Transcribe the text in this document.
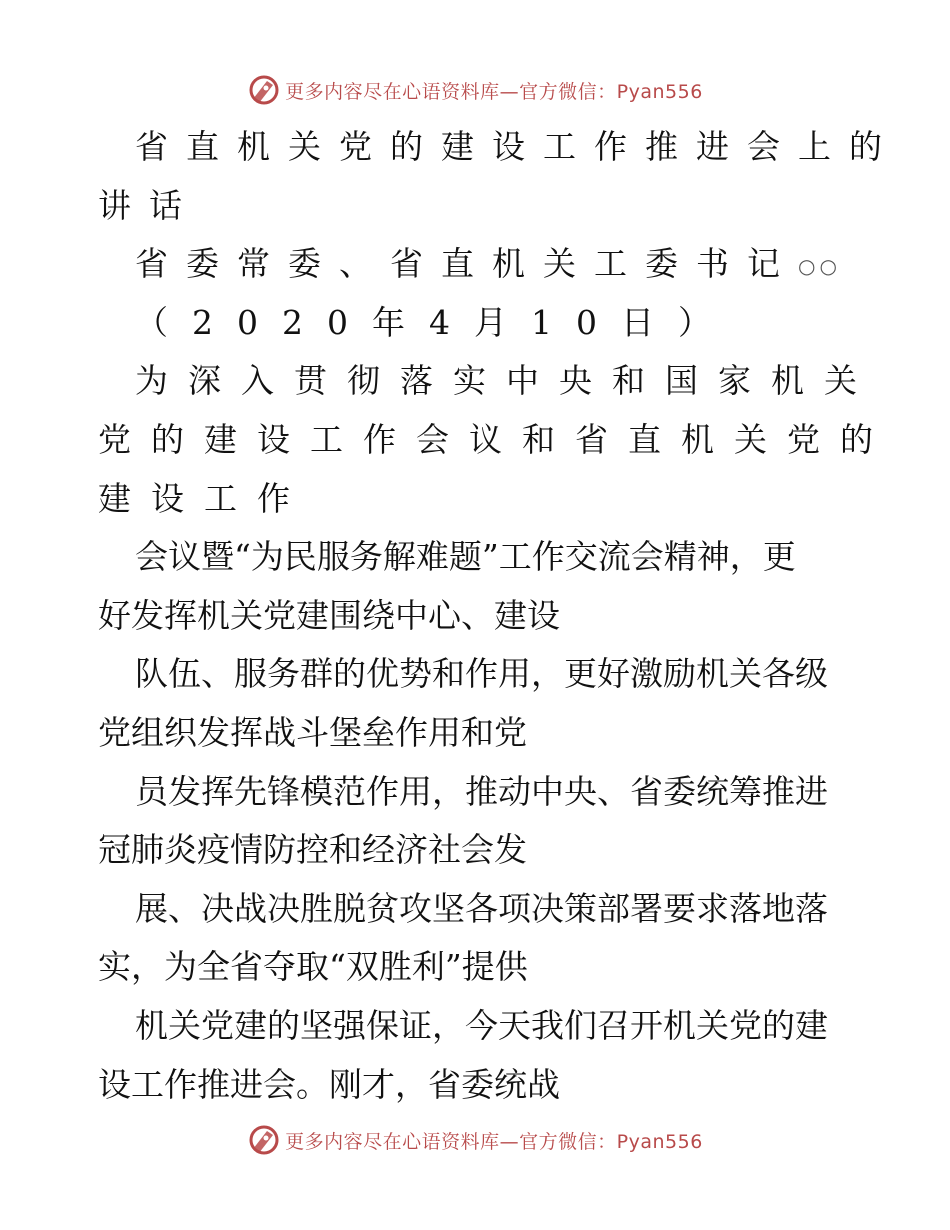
更多内容尽在心语资料库—官方微信：Pyan556
省直机关党的建设工作推进会上的
讲话
省委常委、省直机关工委书记○○
（2020年4月10日）
为深入贯彻落实中央和国家机关
党的建设工作会议和省直机关党的
建设工作
会议暨“为民服务解难题”工作交流会精神，更
好发挥机关党建围绕中心、建设
队伍、服务群的优势和作用，更好激励机关各级
党组织发挥战斗堡垒作用和党
员发挥先锋模范作用，推动中央、省委统筹推进
冠肺炎疫情防控和经济社会发
展、决战决胜脱贫攻坚各项决策部署要求落地落
实，为全省夺取“双胜利”提供
机关党建的坚强保证，今天我们召开机关党的建
设工作推进会。刚才，省委统战
更多内容尽在心语资料库—官方微信：Pyan556
